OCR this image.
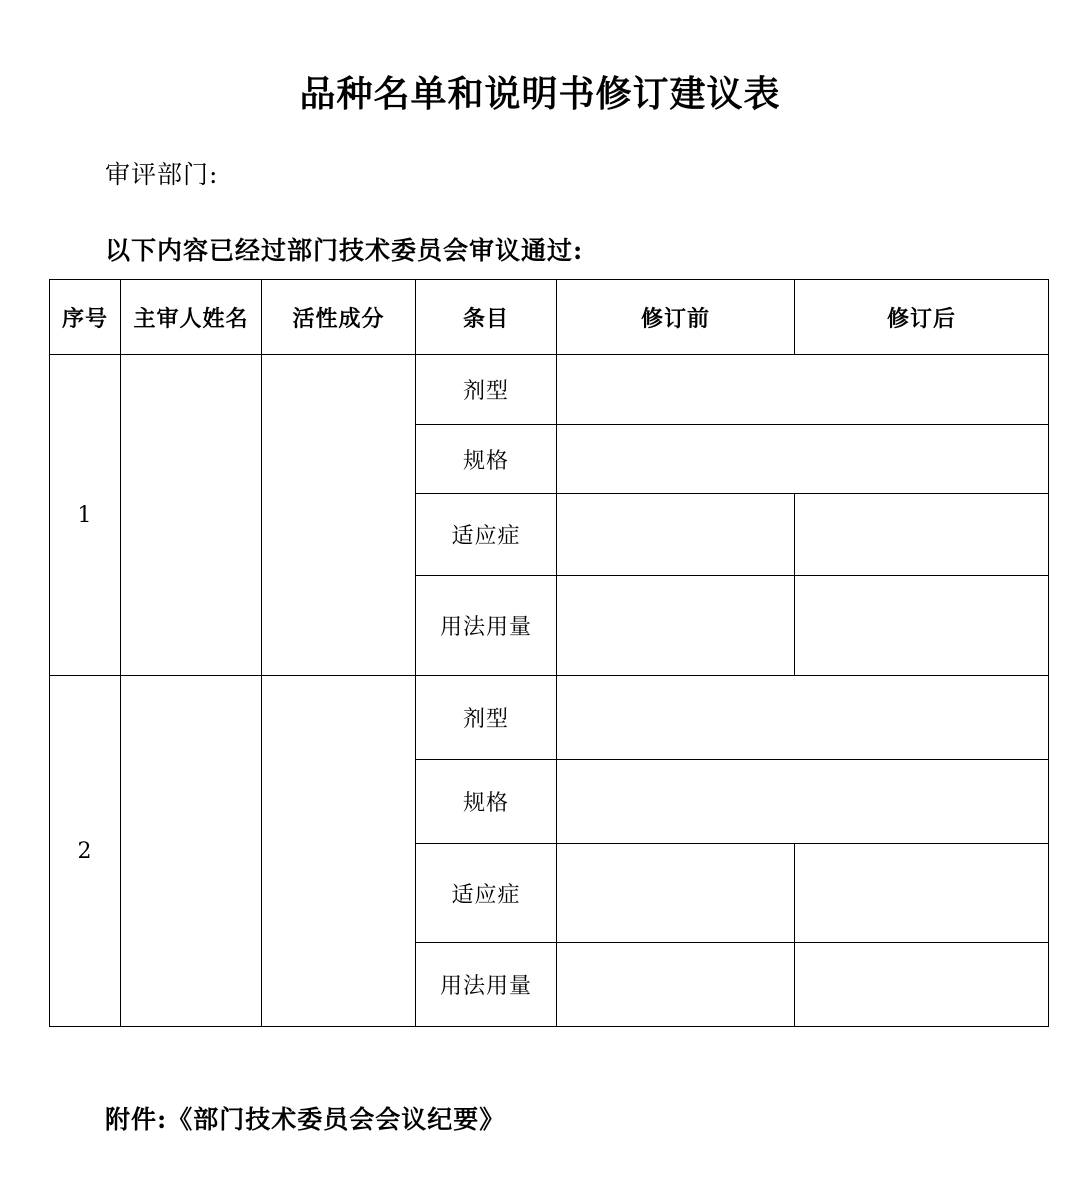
品种名单和说明书修订建议表
审评部门:
以下内容已经过部门技术委员会审议通过:
序号	主审人姓名	活性成分	条目	修订前	修订后
1			剂型		
			规格		
			适应症		
			用法用量		
2			剂型		
			规格		
			适应症		
			用法用量		
附件:《部门技术委员会会议纪要》
